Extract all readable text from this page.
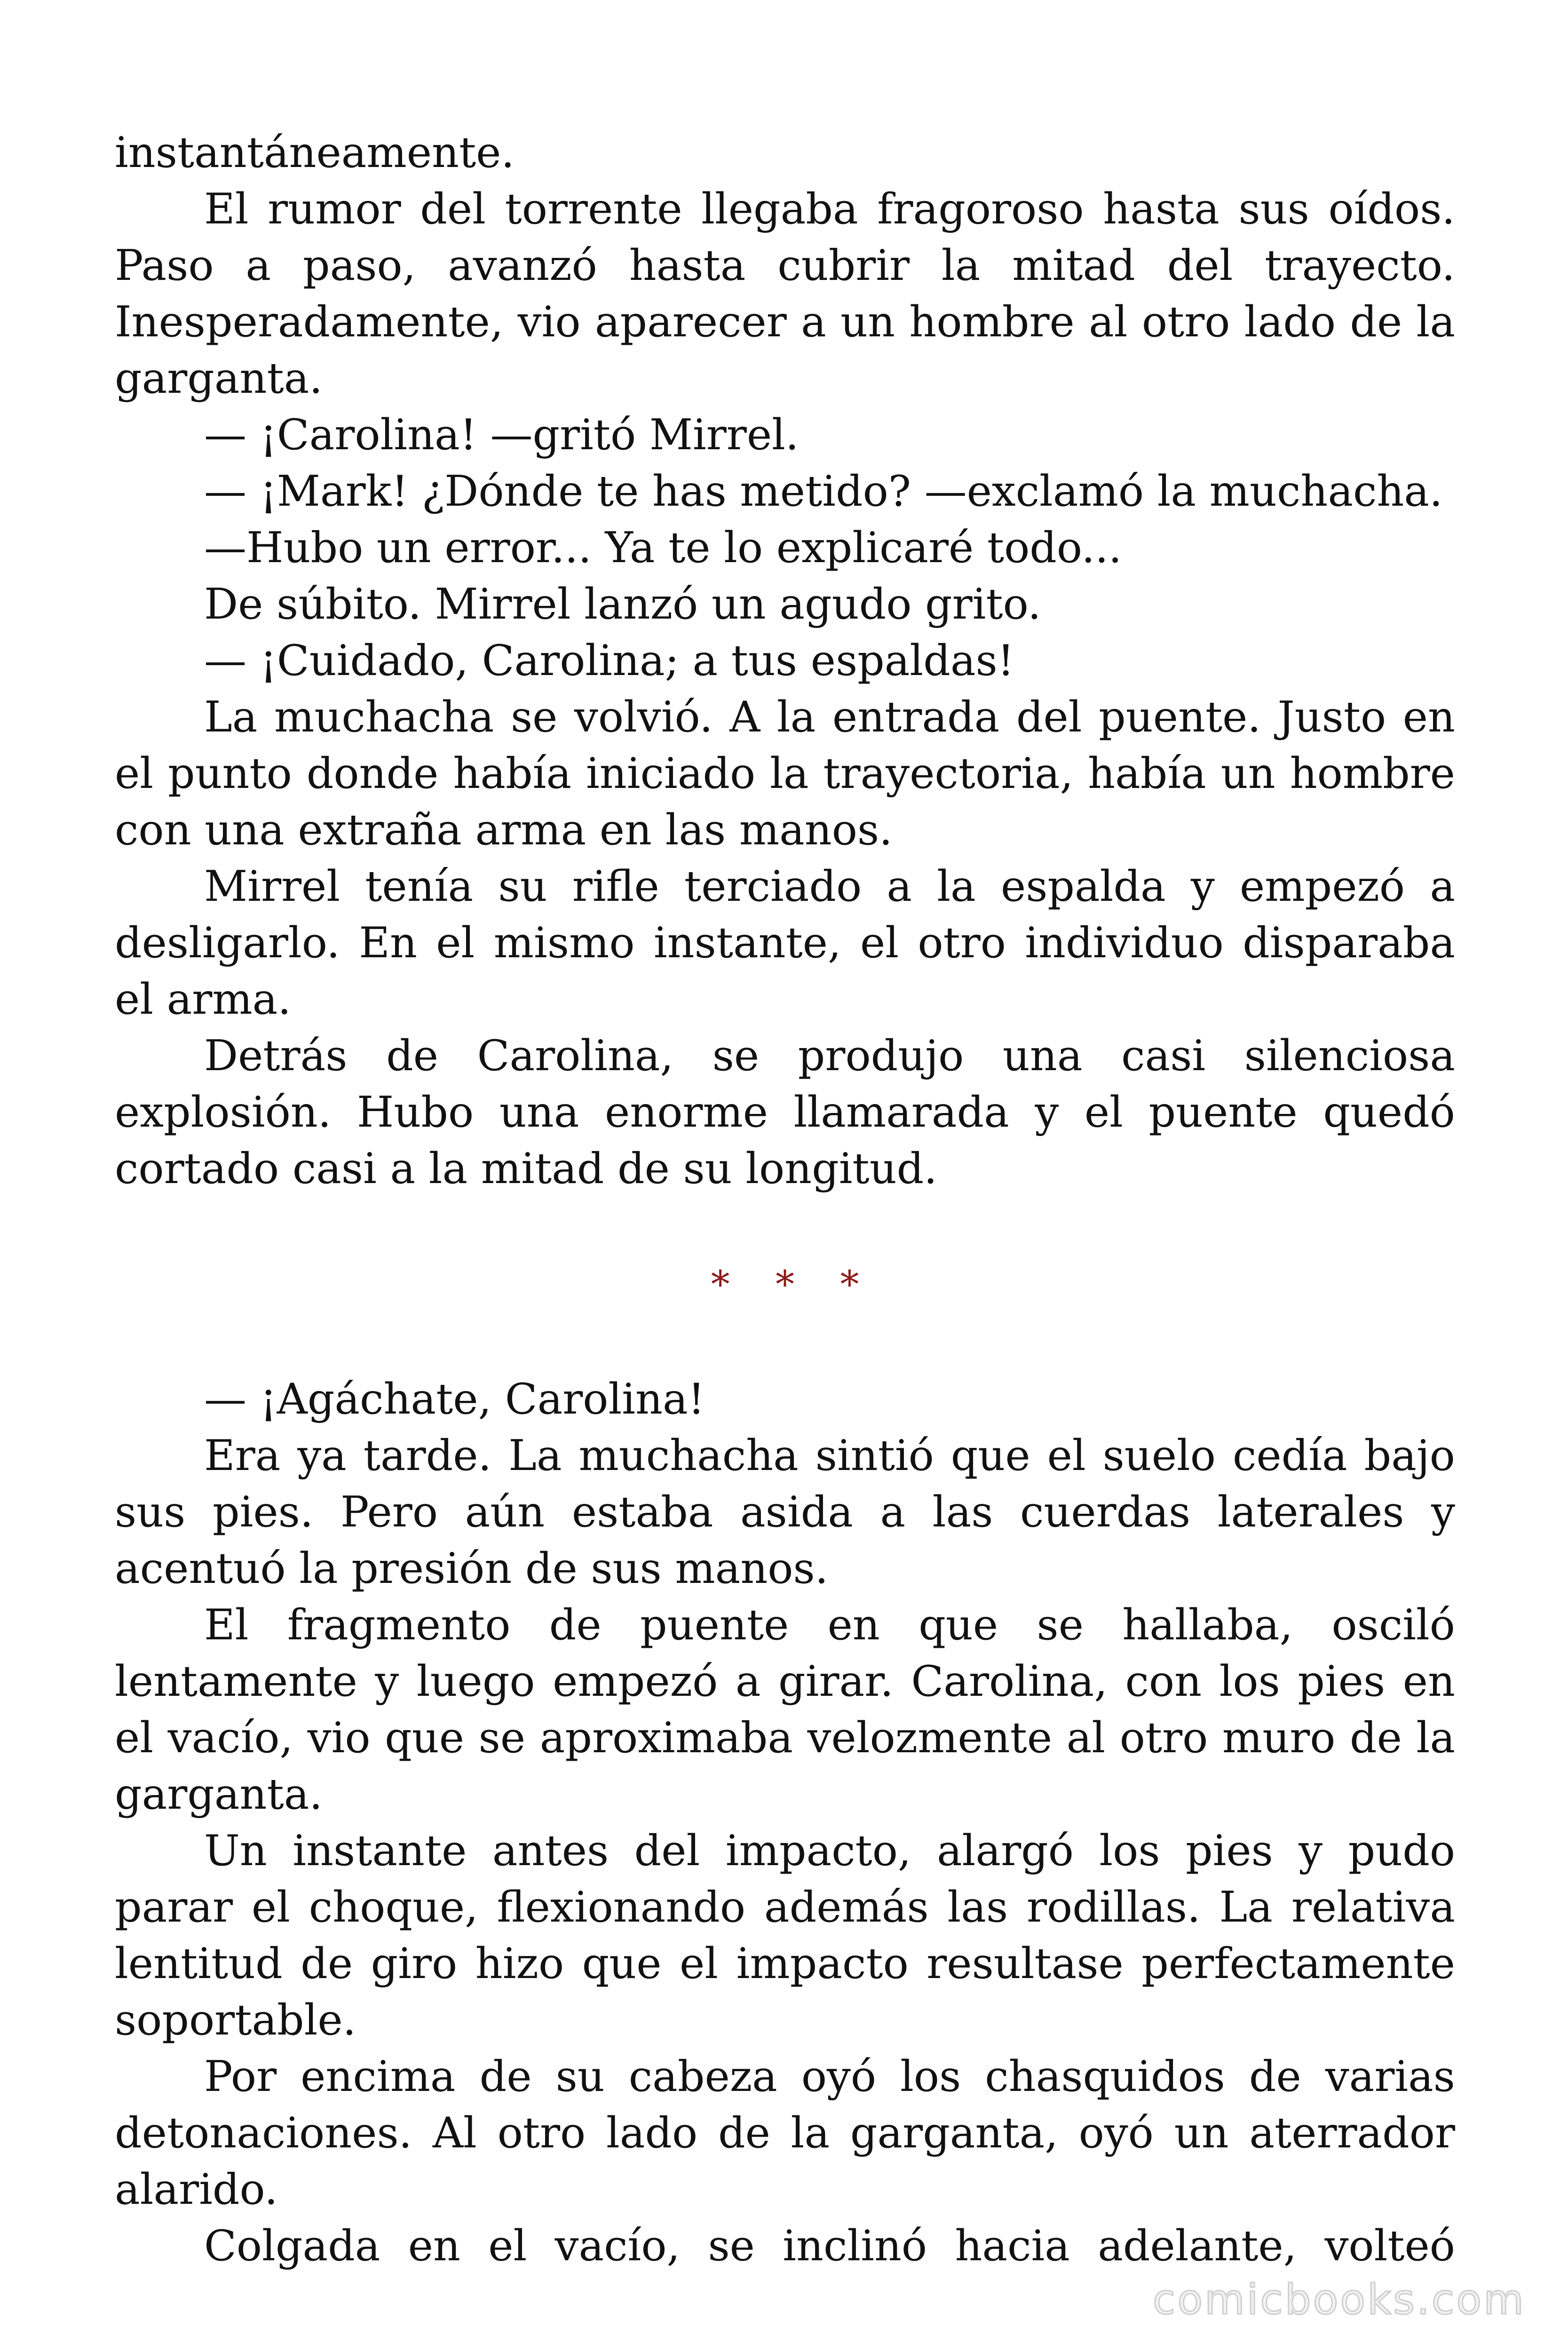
instantáneamente.

El rumor del torrente llegaba fragoroso hasta sus oídos. Paso a paso, avanzó hasta cubrir la mitad del trayecto. Inesperadamente, vio aparecer a un hombre al otro lado de la garganta.

— ¡Carolina! —gritó Mirrel.

— ¡Mark! ¿Dónde te has metido? —exclamó la muchacha.

—Hubo un error... Ya te lo explicaré todo...

De súbito. Mirrel lanzó un agudo grito.

— ¡Cuidado, Carolina; a tus espaldas!

La muchacha se volvió. A la entrada del puente. Justo en el punto donde había iniciado la trayectoria, había un hombre con una extraña arma en las manos.

Mirrel tenía su rifle terciado a la espalda y empezó a desligarlo. En el mismo instante, el otro individuo disparaba el arma.

Detrás de Carolina, se produjo una casi silenciosa explosión. Hubo una enorme llamarada y el puente quedó cortado casi a la mitad de su longitud.

* * *

— ¡Agáchate, Carolina!

Era ya tarde. La muchacha sintió que el suelo cedía bajo sus pies. Pero aún estaba asida a las cuerdas laterales y acentuó la presión de sus manos.

El fragmento de puente en que se hallaba, osciló lentamente y luego empezó a girar. Carolina, con los pies en el vacío, vio que se aproximaba velozmente al otro muro de la garganta.

Un instante antes del impacto, alargó los pies y pudo parar el choque, flexionando además las rodillas. La relativa lentitud de giro hizo que el impacto resultase perfectamente soportable.

Por encima de su cabeza oyó los chasquidos de varias detonaciones. Al otro lado de la garganta, oyó un aterrador alarido.

Colgada en el vacío, se inclinó hacia adelante, volteó

comicbooks.com
